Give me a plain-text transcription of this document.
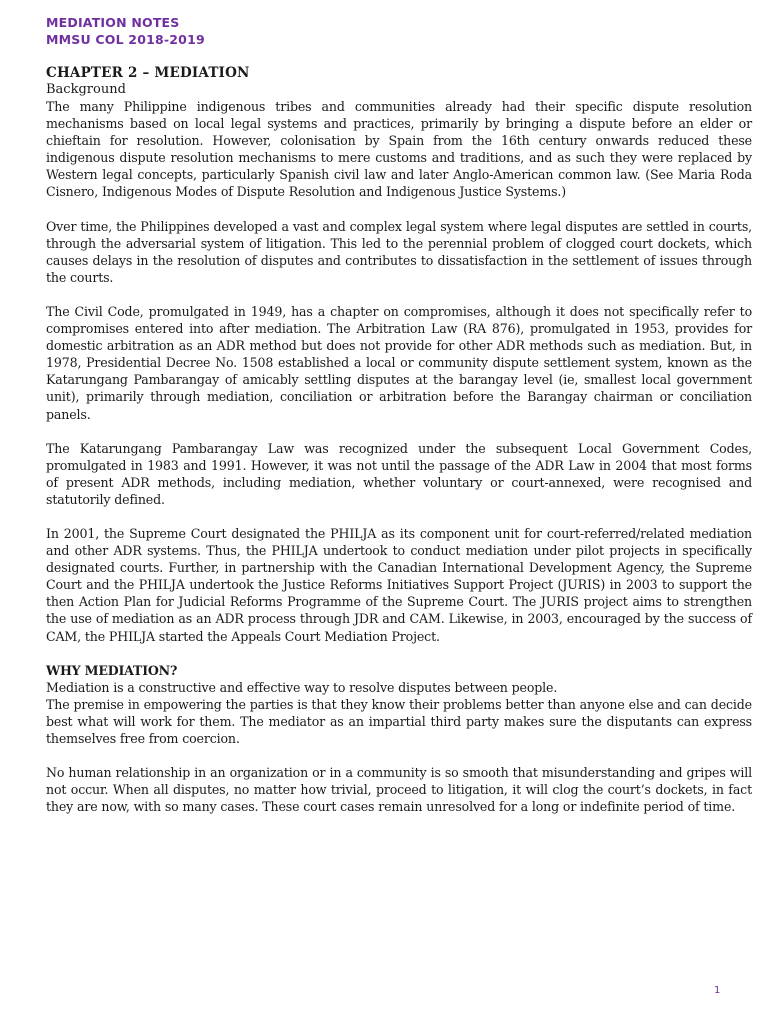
MEDIATION NOTES
MMSU COL 2018-2019
CHAPTER 2 – MEDIATION
Background

The many Philippine indigenous tribes and communities already had their specific dispute resolution mechanisms based on local legal systems and practices, primarily by bringing a dispute before an elder or chieftain for resolution. However, colonisation by Spain from the 16th century onwards reduced these indigenous dispute resolution mechanisms to mere customs and traditions, and as such they were replaced by Western legal concepts, particularly Spanish civil law and later Anglo-American common law. (See Maria Roda Cisnero, Indigenous Modes of Dispute Resolution and Indigenous Justice Systems.)

Over time, the Philippines developed a vast and complex legal system where legal disputes are settled in courts, through the adversarial system of litigation. This led to the perennial problem of clogged court dockets, which causes delays in the resolution of disputes and contributes to dissatisfaction in the settlement of issues through the courts.

The Civil Code, promulgated in 1949, has a chapter on compromises, although it does not specifically refer to compromises entered into after mediation. The Arbitration Law (RA 876), promulgated in 1953, provides for domestic arbitration as an ADR method but does not provide for other ADR methods such as mediation. But, in 1978, Presidential Decree No. 1508 established a local or community dispute settlement system, known as the Katarungang Pambarangay of amicably settling disputes at the barangay level (ie, smallest local government unit), primarily through mediation, conciliation or arbitration before the Barangay chairman or conciliation panels.

The Katarungang Pambarangay Law was recognized under the subsequent Local Government Codes, promulgated in 1983 and 1991. However, it was not until the passage of the ADR Law in 2004 that most forms of present ADR methods, including mediation, whether voluntary or court-annexed, were recognised and statutorily defined.

In 2001, the Supreme Court designated the PHILJA as its component unit for court-referred/related mediation and other ADR systems. Thus, the PHILJA undertook to conduct mediation under pilot projects in specifically designated courts. Further, in partnership with the Canadian International Development Agency, the Supreme Court and the PHILJA undertook the Justice Reforms Initiatives Support Project (JURIS) in 2003 to support the then Action Plan for Judicial Reforms Programme of the Supreme Court. The JURIS project aims to strengthen the use of mediation as an ADR process through JDR and CAM. Likewise, in 2003, encouraged by the success of CAM, the PHILJA started the Appeals Court Mediation Project.

WHY MEDIATION?

Mediation is a constructive and effective way to resolve disputes between people.

The premise in empowering the parties is that they know their problems better than anyone else and can decide best what will work for them. The mediator as an impartial third party makes sure the disputants can express themselves free from coercion.

No human relationship in an organization or in a community is so smooth that misunderstanding and gripes will not occur. When all disputes, no matter how trivial, proceed to litigation, it will clog the court’s dockets, in fact they are now, with so many cases. These court cases remain unresolved for a long or indefinite period of time.

1
